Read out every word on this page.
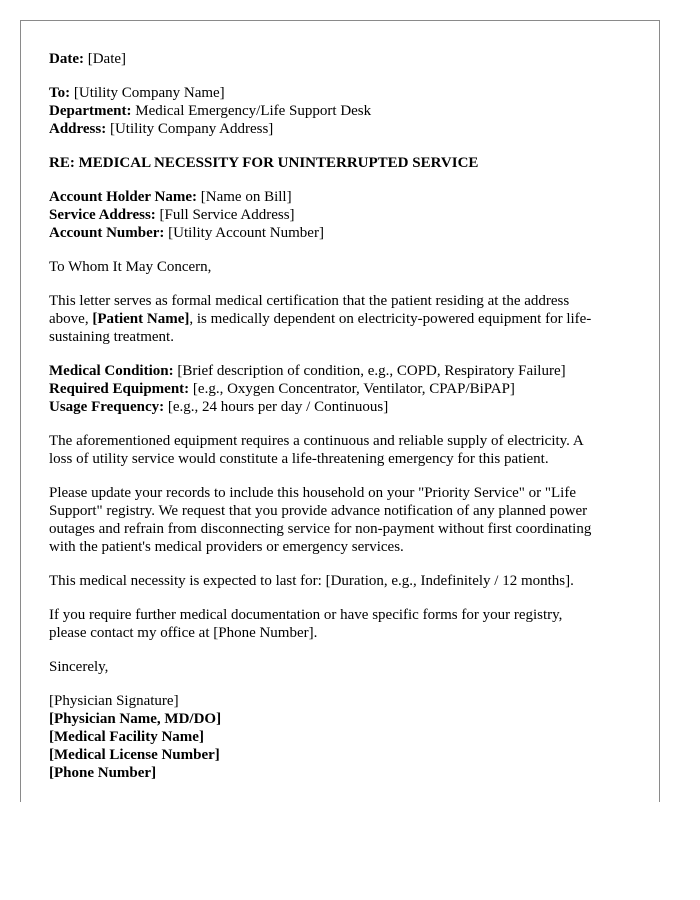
Date: [Date]
To: [Utility Company Name]
Department: Medical Emergency/Life Support Desk
Address: [Utility Company Address]
RE: MEDICAL NECESSITY FOR UNINTERRUPTED SERVICE
Account Holder Name: [Name on Bill]
Service Address: [Full Service Address]
Account Number: [Utility Account Number]
To Whom It May Concern,
This letter serves as formal medical certification that the patient residing at the address
above, [Patient Name], is medically dependent on electricity-powered equipment for life-
sustaining treatment.
Medical Condition: [Brief description of condition, e.g., COPD, Respiratory Failure]
Required Equipment: [e.g., Oxygen Concentrator, Ventilator, CPAP/BiPAP]
Usage Frequency: [e.g., 24 hours per day / Continuous]
The aforementioned equipment requires a continuous and reliable supply of electricity. A
loss of utility service would constitute a life-threatening emergency for this patient.
Please update your records to include this household on your "Priority Service" or "Life
Support" registry. We request that you provide advance notification of any planned power
outages and refrain from disconnecting service for non-payment without first coordinating
with the patient's medical providers or emergency services.
This medical necessity is expected to last for: [Duration, e.g., Indefinitely / 12 months].
If you require further medical documentation or have specific forms for your registry,
please contact my office at [Phone Number].
Sincerely,
[Physician Signature]
[Physician Name, MD/DO]
[Medical Facility Name]
[Medical License Number]
[Phone Number]
